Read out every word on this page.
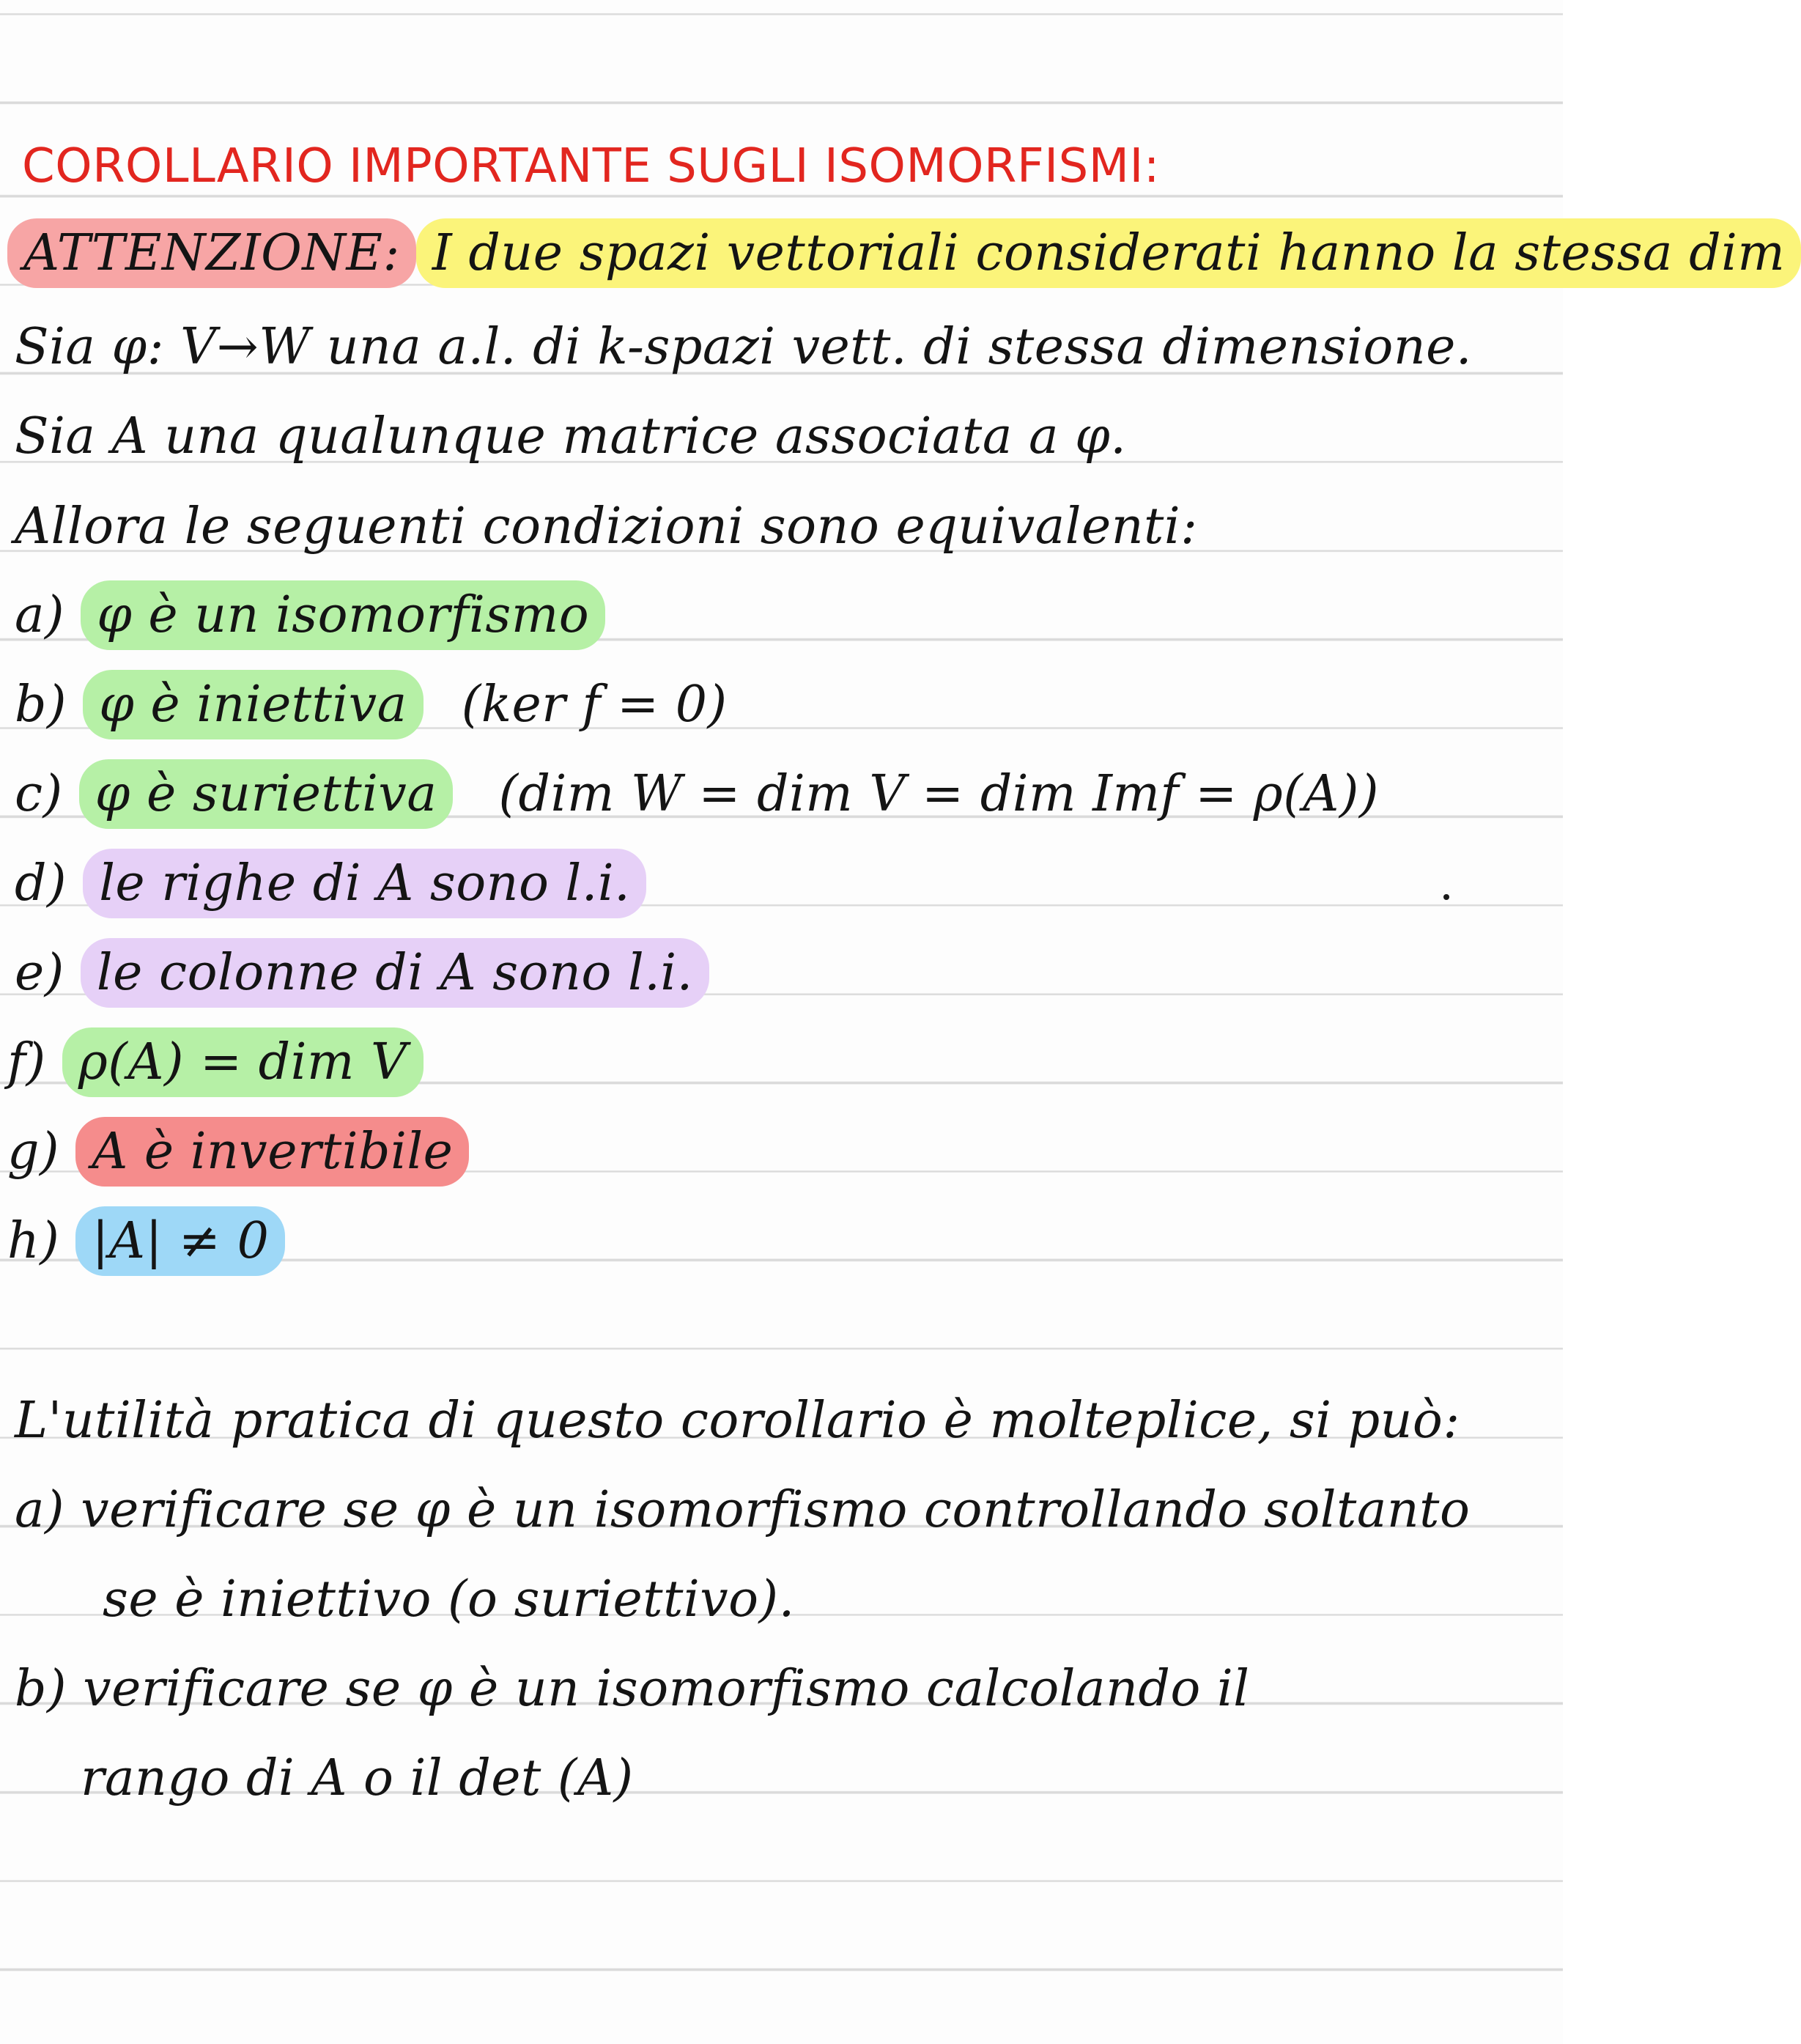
COROLLARIO IMPORTANTE SUGLI ISOMORFISMI:
ATTENZIONE: I due spazi vettoriali considerati hanno la stessa dim
Sia φ: V→W una a.l. di k-spazi vett. di stessa dimensione.
Sia A una qualunque matrice associata a φ.
Allora le seguenti condizioni sono equivalenti:
a) φ è un isomorfismo
b) φ è iniettiva (ker f = 0)
c) φ è suriettiva (dim W = dim V = dim Imf = ρ(A))
d) le righe di A sono l.i.
e) le colonne di A sono l.i.
f) ρ(A) = dim V
g) A è invertibile
h) |A| ≠ 0
L'utilità pratica di questo corollario è molteplice, si può:
a) verificare se φ è un isomorfismo controllando soltanto
se è iniettivo (o suriettivo).
b) verificare se φ è un isomorfismo calcolando il
rango di A o il det (A)
